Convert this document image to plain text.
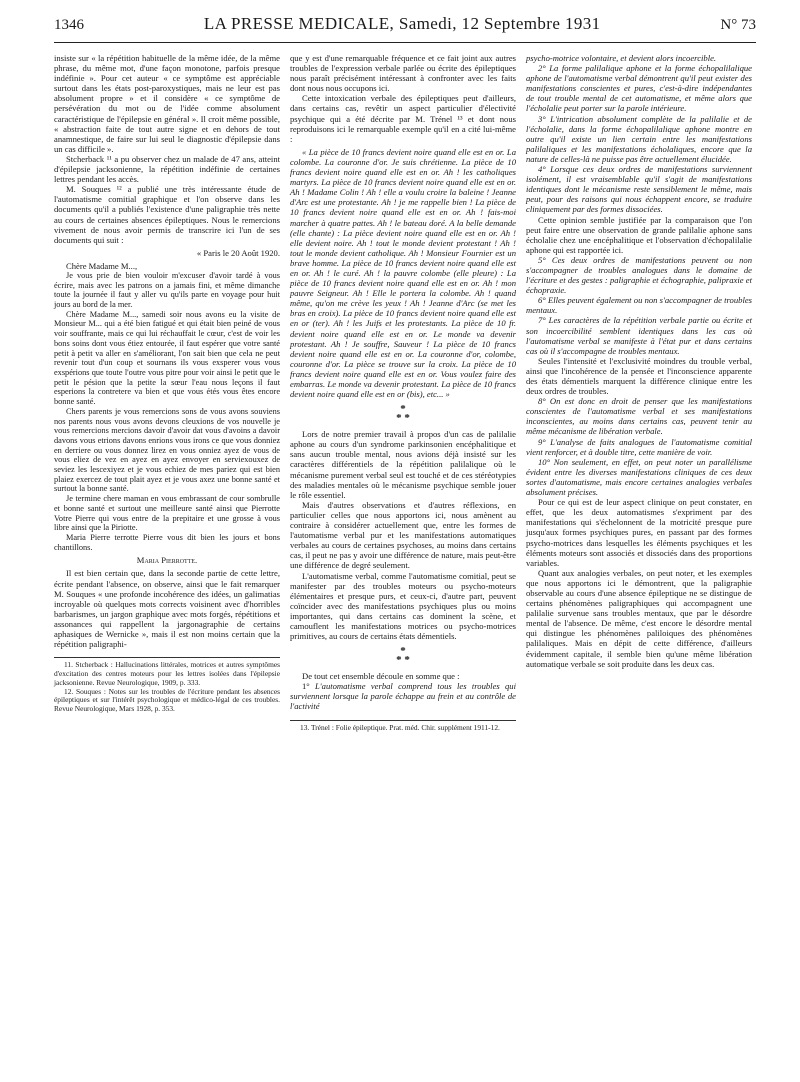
1346	LA PRESSE MEDICALE, Samedi, 12 Septembre 1931	N° 73

insiste sur « la répétition habituelle de la même idée, de la même phrase, du même mot, d'une façon monotone, parfois presque indéfinie ». Pour cet auteur « ce symptôme est appréciable surtout dans les états post-paroxystiques, mais ne leur est pas absolument propre » et il considère « ce symptôme de persévération du mot ou de l'idée comme absolument caractéristique de l'épilepsie en général ». Il croit même possible, « abstraction faite de tout autre signe et en dehors de tout anamnestique, de faire sur lui seul le diagnostic d'épilepsie dans un cas difficile ».

Stcherback ¹¹ a pu observer chez un malade de 47 ans, atteint d'épilepsie jacksonienne, la répétition indéfinie de certaines lettres pendant les accès.

M. Souques ¹² a publié une très intéressante étude de l'automatisme comitial graphique et l'on observe dans les documents qu'il a publiés l'existence d'une paligraphie très nette au cours de certaines absences épileptiques. Nous le remercions vivement de nous avoir permis de transcrire ici l'un de ses documents qui suit :

« Paris le 20 Août 1920.

Chère Madame M...,

Je vous prie de bien vouloir m'excuser d'avoir tardé à vous écrire, mais avec les patrons on a jamais fini, et même dimanche toute la journée il faut y aller vu qu'ils parte en voyage pour huit jours au bord de la mer.

Chère Madame M..., samedi soir nous avons eu la visite de Monsieur M... qui a été bien fatigué et qui était bien peiné de vous voir souffrante, mais ce qui lui réchauffait le cœur, c'est de voir les bons soins dont vous étiez entourée, il faut espérer que votre santé petit à petit va aller en s'améliorant, l'on sait bien que cela ne peut revenir tout d'un coup et sournans ils vous exsperer vous vous exspérions que toute l'outre vous pitre pour voir ainsi le petit que le petit le pésion que la petite la sœur l'eau nous leçons il faut esperions la contretere va bien et que vous étés vous êtes encore bonne santé.

Chers parents je vous remercions sons de vous avons souviens nos parents nous vous avons devons cleuxions de vos nouvelle je vous remercions mercions davoir d'avoir dat vous d'avoins a davoir davons vous etrions davons enrions vous irons ce que vous donniez en derriere ou vous donnez lirez en vous onniez ayez de vous de vous eliez de vez en ayez en ayez envoyer en serviexouxez de seviez les lescexiyez et je vous echiez de mes pariez qui est bien plaiez exercez de tout plait ayez et je vous axez une bonne santé et surtout la bonne santé.

Je termine chere maman en vous embrassant de cour sombrulle et bonne santé et surtout une meilleure santé ainsi que Pierrotte Votre Pierre qui vous entre de la prepitaire et une grosse à vous libre ainsi que la Piriotte.

Maria Pierre terrotte Pierre vous dit bien les jours et bons chantillons.

Maria Pierrotte.

Il est bien certain que, dans la seconde partie de cette lettre, écrite pendant l'absence, on observe, ainsi que le fait remarquer M. Souques « une profonde incohérence des idées, un galimatias incroyable où quelques mots corrects voisinent avec d'horribles barbarismes, un jargon graphique avec mots forgés, répétitions et assonances qui rappellent la jargonagraphie de certains aphasiques de Wernicke », mais il est non moins certain que la répétition paligraphi-

11. Stcherback : Hallucinations littérales, motrices et autres symptômes d'excitation des centres moteurs pour les lettres isolées dans l'épilepsie jacksonienne. Revue Neurologique, 1909, p. 333.

12. Souques : Notes sur les troubles de l'écriture pendant les absences épileptiques et sur l'intérêt psychologique et médico-légal de ces troubles. Revue Neurologique, Mars 1928, p. 353.

que y est d'une remarquable fréquence et ce fait joint aux autres troubles de l'expression verbale parlée ou écrite des épileptiques nous paraît précisément intéressant à confronter avec les faits dont nous nous occupons ici.

Cette intoxication verbale des épileptiques peut d'ailleurs, dans certains cas, revêtir un aspect particulier d'électivité psychique qui a été décrite par M. Trénel ¹³ et dont nous reproduisons ici le remarquable exemple qu'il en a cité lui-même :

« La pièce de 10 francs devient noire quand elle est en or. La colombe. La couronne d'or. Je suis chrétienne. La pièce de 10 francs devient noire quand elle est en or. Ah ! les catholiques martyrs. La pièce de 10 francs devient noire quand elle est en or. Ah ! Madame Colin ! Ah ! elle a voulu croire la baleine ! Jeanne d'Arc est une protestante. Ah ! je me rappelle bien ! La pièce de 10 francs devient noire quand elle est en or. Ah ! fais-moi marcher à quatre pattes. Ah ! le bateau doré. A la belle demande (elle chante) : La pièce devient noire quand elle est en or. Ah ! elle devient noire. Ah ! tout le monde devient protestant ! Ah ! tout le monde devient catholique. Ah ! Monsieur Fournier est un brave homme. La pièce de 10 francs devient noire quand elle est en or. Ah ! le curé. Ah ! la pauvre colombe (elle pleure) : La pièce de 10 francs devient noire quand elle est en or. Ah ! mon pauvre Seigneur. Ah ! Elle le portera la colombe. Ah ! quand même, qu'on me crève les yeux ! Ah ! Jeanne d'Arc (se met les bras en croix). La pièce de 10 francs devient noire quand elle est en or (ter). Ah ! les Juifs et les protestants. La pièce de 10 fr. devient noire quand elle est en or. Le monde va devenir protestant. Ah ! Je souffre, Sauveur ! La pièce de 10 francs devient noire quand elle est en or. La couronne d'or, colombe, couronne d'or. La pièce se trouve sur la croix. La pièce de 10 francs devient noire quand elle est en or. Vous voulez faire des embarras. Le monde va devenir protestant. La pièce de 10 francs devient noire quand elle est en or (bis), etc... »

*
* *

Lors de notre premier travail à propos d'un cas de palilalie aphone au cours d'un syndrome parkinsonien encéphalitique et sans aucun trouble mental, nous avions déjà insisté sur les caractères différentiels de la répétition palilalique où le mécanisme purement verbal seul est touché et de ces stéréotypies des maladies mentales où le mécanisme psychique semble jouer le rôle essentiel.

Mais d'autres observations et d'autres réflexions, en particulier celles que nous apportons ici, nous amènent au contraire à considérer actuellement que, entre les formes de l'automatisme verbal pur et les manifestations automatiques verbales au cours de certaines psychoses, au moins dans certains cas, il peut ne pas y avoir une différence de nature, mais peut-être une différence de degré seulement.

L'automatisme verbal, comme l'automatisme comitial, peut se manifester par des troubles moteurs ou psycho-moteurs élémentaires et presque purs, et ceux-ci, d'autre part, peuvent coïncider avec des manifestations psychiques plus ou moins importantes, qui dans certains cas dominent la scène, et camouflent les manifestations motrices ou psycho-motrices primitives, au cours de certains états démentiels.

*
* *

De tout cet ensemble découle en somme que :

1° L'automatisme verbal comprend tous les troubles qui surviennent lorsque la parole échappe au frein et au contrôle de l'activité

13. Trénel : Folie épileptique. Prat. méd. Chir. supplément 1911-12.

psycho-motrice volontaire, et devient alors incoercible.

2° La forme palilalique aphone et la forme échopalilalique aphone de l'automatisme verbal démontrent qu'il peut exister des manifestations conscientes et pures, c'est-à-dire indépendantes de tout trouble mental de cet automatisme, et même alors que l'écholalie peut porter sur la parole intérieure.

3° L'intrication absolument complète de la palilalie et de l'écholalie, dans la forme échopalilalique aphone montre en outre qu'il existe un lien certain entre les manifestations palilaliques et les manifestations écholaliques, encore que la nature de celles-là ne puisse pas être actuellement élucidée.

4° Lorsque ces deux ordres de manifestations surviennent isolément, il est vraisemblable qu'il s'agit de manifestations identiques dont le mécanisme reste sensiblement le même, mais peut, pour des raisons qui nous échappent encore, se traduire cliniquement par des formes dissociées.

Cette opinion semble justifiée par la comparaison que l'on peut faire entre une observation de grande palilalie aphone sans écholalie chez une encéphalitique et l'observation d'échopalilalie aphone qui est rapportée ici.

5° Ces deux ordres de manifestations peuvent ou non s'accompagner de troubles analogues dans le domaine de l'écriture et des gestes : paligraphie et échographie, palipraxie et échopraxie.

6° Elles peuvent également ou non s'accompagner de troubles mentaux.

7° Les caractères de la répétition verbale partie ou écrite et son incoercibilité semblent identiques dans les cas où l'automatisme verbal se manifeste à l'état pur et dans certains cas où il s'accompagne de troubles mentaux.

Seules l'intensité et l'exclusivité moindres du trouble verbal, ainsi que l'incohérence de la pensée et l'inconscience apparente des états démentiels marquent la différence clinique entre les deux ordres de troubles.

8° On est donc en droit de penser que les manifestations conscientes de l'automatisme verbal et ses manifestations inconscientes, au moins dans certains cas, peuvent tenir au même mécanisme de libération verbale.

9° L'analyse de faits analogues de l'automatisme comitial vient renforcer, et à double titre, cette manière de voir.

10° Non seulement, en effet, on peut noter un parallélisme évident entre les diverses manifestations cliniques de ces deux sortes d'automatisme, mais encore certaines analogies verbales absolument précises.

Pour ce qui est de leur aspect clinique on peut constater, en effet, que les deux automatismes s'expriment par des manifestations qui s'échelonnent de la motricité presque pure jusqu'aux formes psychiques pures, en passant par des formes psycho-motrices dans lesquelles les éléments psychiques et les éléments moteurs sont associés et dissociés dans des proportions variables.

Quant aux analogies verbales, on peut noter, et les exemples que nous apportons ici le démontrent, que la paligraphie observable au cours d'une absence épileptique ne se distingue de certains phénomènes paligraphiques qui accompagnent une palilalie survenue sans troubles mentaux, que par le désordre mental de l'absence. De même, c'est encore le désordre mental qui distingue les phénomènes paliloiques des phénomènes palilaliques. Mais en dépit de cette différence, d'ailleurs évidemment capitale, il semble bien qu'une même libération automatique verbale se soit produite dans les deux cas.
